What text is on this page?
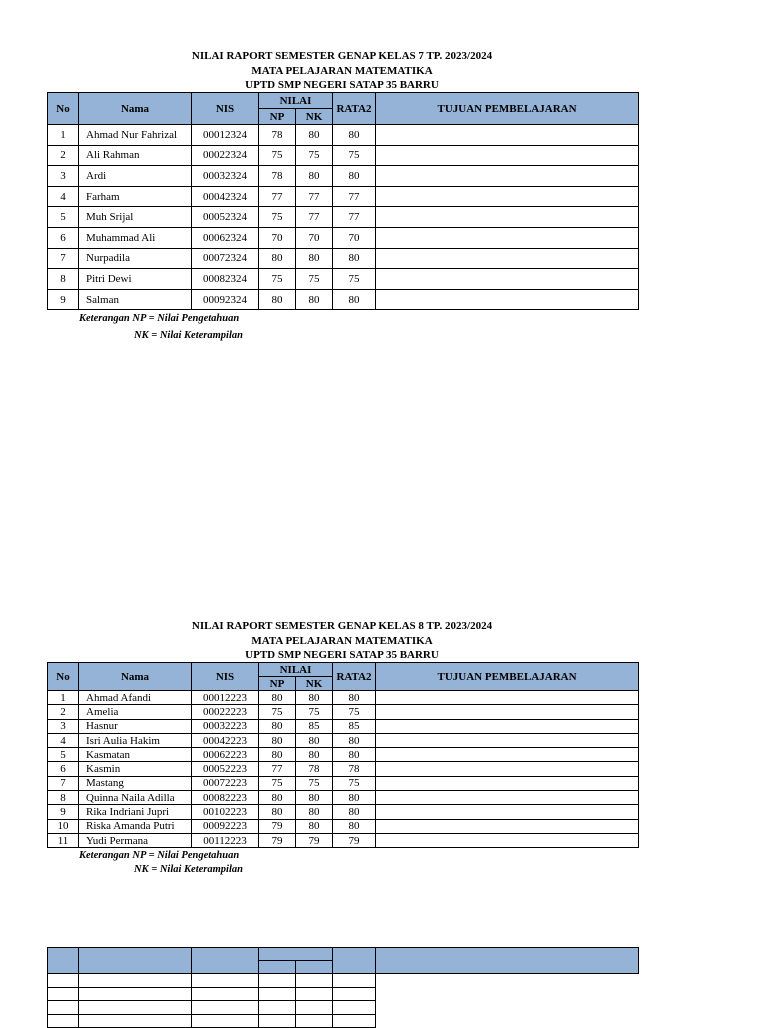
NILAI RAPORT SEMESTER GENAP KELAS 7 TP. 2023/2024
MATA PELAJARAN MATEMATIKA
UPTD SMP NEGERI SATAP 35 BARRU
No	Nama	NIS	NILAI		RATA2	TUJUAN PEMBELAJARAN
			NP	NK		
1	Ahmad Nur Fahrizal	00012324	78	80	80	
2	Ali Rahman	00022324	75	75	75	
3	Ardi	00032324	78	80	80	
4	Farham	00042324	77	77	77	
5	Muh Srijal	00052324	75	77	77	
6	Muhammad Ali	00062324	70	70	70	
7	Nurpadila	00072324	80	80	80	
8	Pitri Dewi	00082324	75	75	75	
9	Salman	00092324	80	80	80	
Keterangan NP = Nilai Pengetahuan
NK = Nilai Keterampilan
NILAI RAPORT SEMESTER GENAP KELAS 8 TP. 2023/2024
MATA PELAJARAN MATEMATIKA
UPTD SMP NEGERI SATAP 35 BARRU
No	Nama	NIS	NILAI		RATA2	TUJUAN PEMBELAJARAN
			NP	NK		
1	Ahmad Afandi	00012223	80	80	80	
2	Amelia	00022223	75	75	75	
3	Hasnur	00032223	80	85	85	
4	Isri Aulia Hakim	00042223	80	80	80	
5	Kasmatan	00062223	80	80	80	
6	Kasmin	00052223	77	78	78	
7	Mastang	00072223	75	75	75	
8	Quinna Naila Adilla	00082223	80	80	80	
9	Rika Indriani Jupri	00102223	80	80	80	
10	Riska Amanda Putri	00092223	79	80	80	
11	Yudi Permana	00112223	79	79	79	
Keterangan NP = Nilai Pengetahuan
NK = Nilai Keterampilan
